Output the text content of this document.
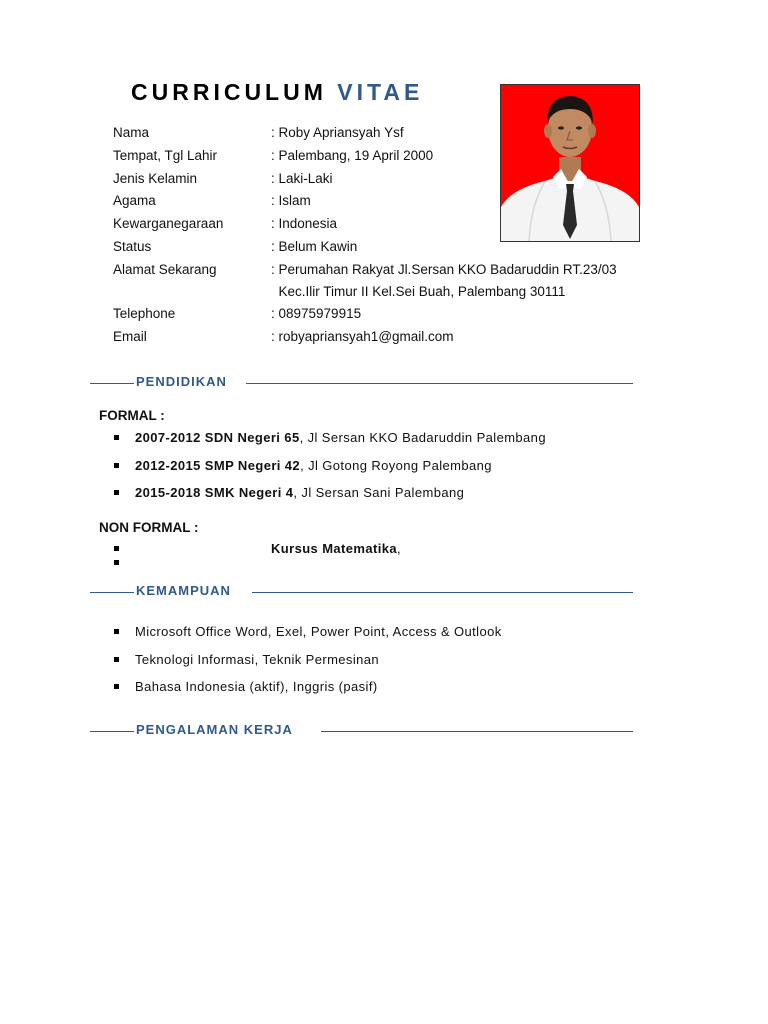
CURRICULUM VITAE
Nama	: Roby Apriansyah Ysf
Tempat, Tgl Lahir	: Palembang, 19 April 2000
Jenis Kelamin	: Laki-Laki
Agama	: Islam
Kewarganegaraan	: Indonesia
Status	: Belum Kawin
Alamat Sekarang	: Perumahan Rakyat Jl.Sersan KKO Badaruddin RT.23/03
Kec.Ilir Timur II Kel.Sei Buah, Palembang 30111
Telephone	: 08975979915
Email	: robyapriansyah1@gmail.com
PENDIDIKAN
FORMAL :
2007-2012 SDN Negeri 65, Jl Sersan KKO Badaruddin Palembang
2012-2015 SMP Negeri 42, Jl Gotong Royong Palembang
2015-2018 SMK Negeri 4, Jl Sersan Sani Palembang
NON FORMAL :
Kursus Matematika,
KEMAMPUAN
Microsoft Office Word, Exel, Power Point, Access & Outlook
Teknologi Informasi, Teknik Permesinan
Bahasa Indonesia (aktif), Inggris (pasif)
PENGALAMAN KERJA
